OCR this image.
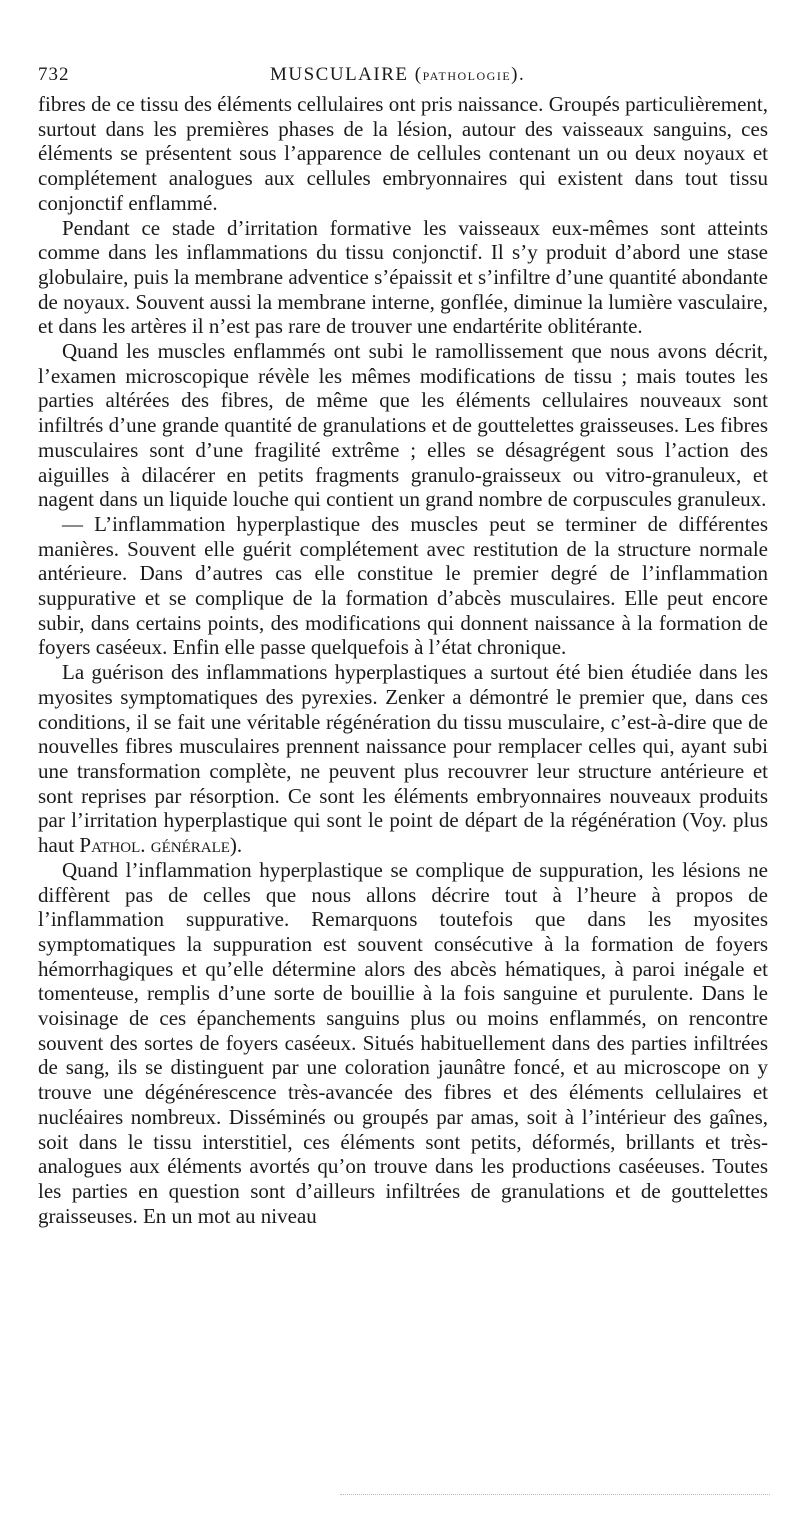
732	MUSCULAIRE (PATHOLOGIE).

fibres de ce tissu des éléments cellulaires ont pris naissance. Groupés particulièrement, surtout dans les premières phases de la lésion, autour des vaisseaux sanguins, ces éléments se présentent sous l’apparence de cellules contenant un ou deux noyaux et complétement analogues aux cellules embryonnaires qui existent dans tout tissu conjonctif enflammé.

Pendant ce stade d’irritation formative les vaisseaux eux-mêmes sont atteints comme dans les inflammations du tissu conjonctif. Il s’y produit d’abord une stase globulaire, puis la membrane adventice s’épaissit et s’infiltre d’une quantité abondante de noyaux. Souvent aussi la membrane interne, gonflée, diminue la lumière vasculaire, et dans les artères il n’est pas rare de trouver une endartérite oblitérante.

Quand les muscles enflammés ont subi le ramollissement que nous avons décrit, l’examen microscopique révèle les mêmes modifications de tissu ; mais toutes les parties altérées des fibres, de même que les éléments cellulaires nouveaux sont infiltrés d’une grande quantité de granulations et de gouttelettes graisseuses. Les fibres musculaires sont d’une fragilité extrême ; elles se désagrégent sous l’action des aiguilles à dilacérer en petits fragments granulo-graisseux ou vitro-granuleux, et nagent dans un liquide louche qui contient un grand nombre de corpuscules granuleux.

— L’inflammation hyperplastique des muscles peut se terminer de différentes manières. Souvent elle guérit complétement avec restitution de la structure normale antérieure. Dans d’autres cas elle constitue le premier degré de l’inflammation suppurative et se complique de la formation d’abcès musculaires. Elle peut encore subir, dans certains points, des modifications qui donnent naissance à la formation de foyers caséeux. Enfin elle passe quelquefois à l’état chronique.

La guérison des inflammations hyperplastiques a surtout été bien étudiée dans les myosites symptomatiques des pyrexies. Zenker a démontré le premier que, dans ces conditions, il se fait une véritable régénération du tissu musculaire, c’est-à-dire que de nouvelles fibres musculaires prennent naissance pour remplacer celles qui, ayant subi une transformation complète, ne peuvent plus recouvrer leur structure antérieure et sont reprises par résorption. Ce sont les éléments embryonnaires nouveaux produits par l’irritation hyperplastique qui sont le point de départ de la régénération (Voy. plus haut Pathol. générale).

Quand l’inflammation hyperplastique se complique de suppuration, les lésions ne diffèrent pas de celles que nous allons décrire tout à l’heure à propos de l’inflammation suppurative. Remarquons toutefois que dans les myosites symptomatiques la suppuration est souvent consécutive à la formation de foyers hémorrhagiques et qu’elle détermine alors des abcès hématiques, à paroi inégale et tomenteuse, remplis d’une sorte de bouillie à la fois sanguine et purulente. Dans le voisinage de ces épanchements sanguins plus ou moins enflammés, on rencontre souvent des sortes de foyers caséeux. Situés habituellement dans des parties infiltrées de sang, ils se distinguent par une coloration jaunâtre foncé, et au microscope on y trouve une dégénérescence très-avancée des fibres et des éléments cellulaires et nucléaires nombreux. Disséminés ou groupés par amas, soit à l’intérieur des gaînes, soit dans le tissu interstitiel, ces éléments sont petits, déformés, brillants et très-analogues aux éléments avortés qu’on trouve dans les productions caséeuses. Toutes les parties en question sont d’ailleurs infiltrées de granulations et de gouttelettes graisseuses. En un mot au niveau
